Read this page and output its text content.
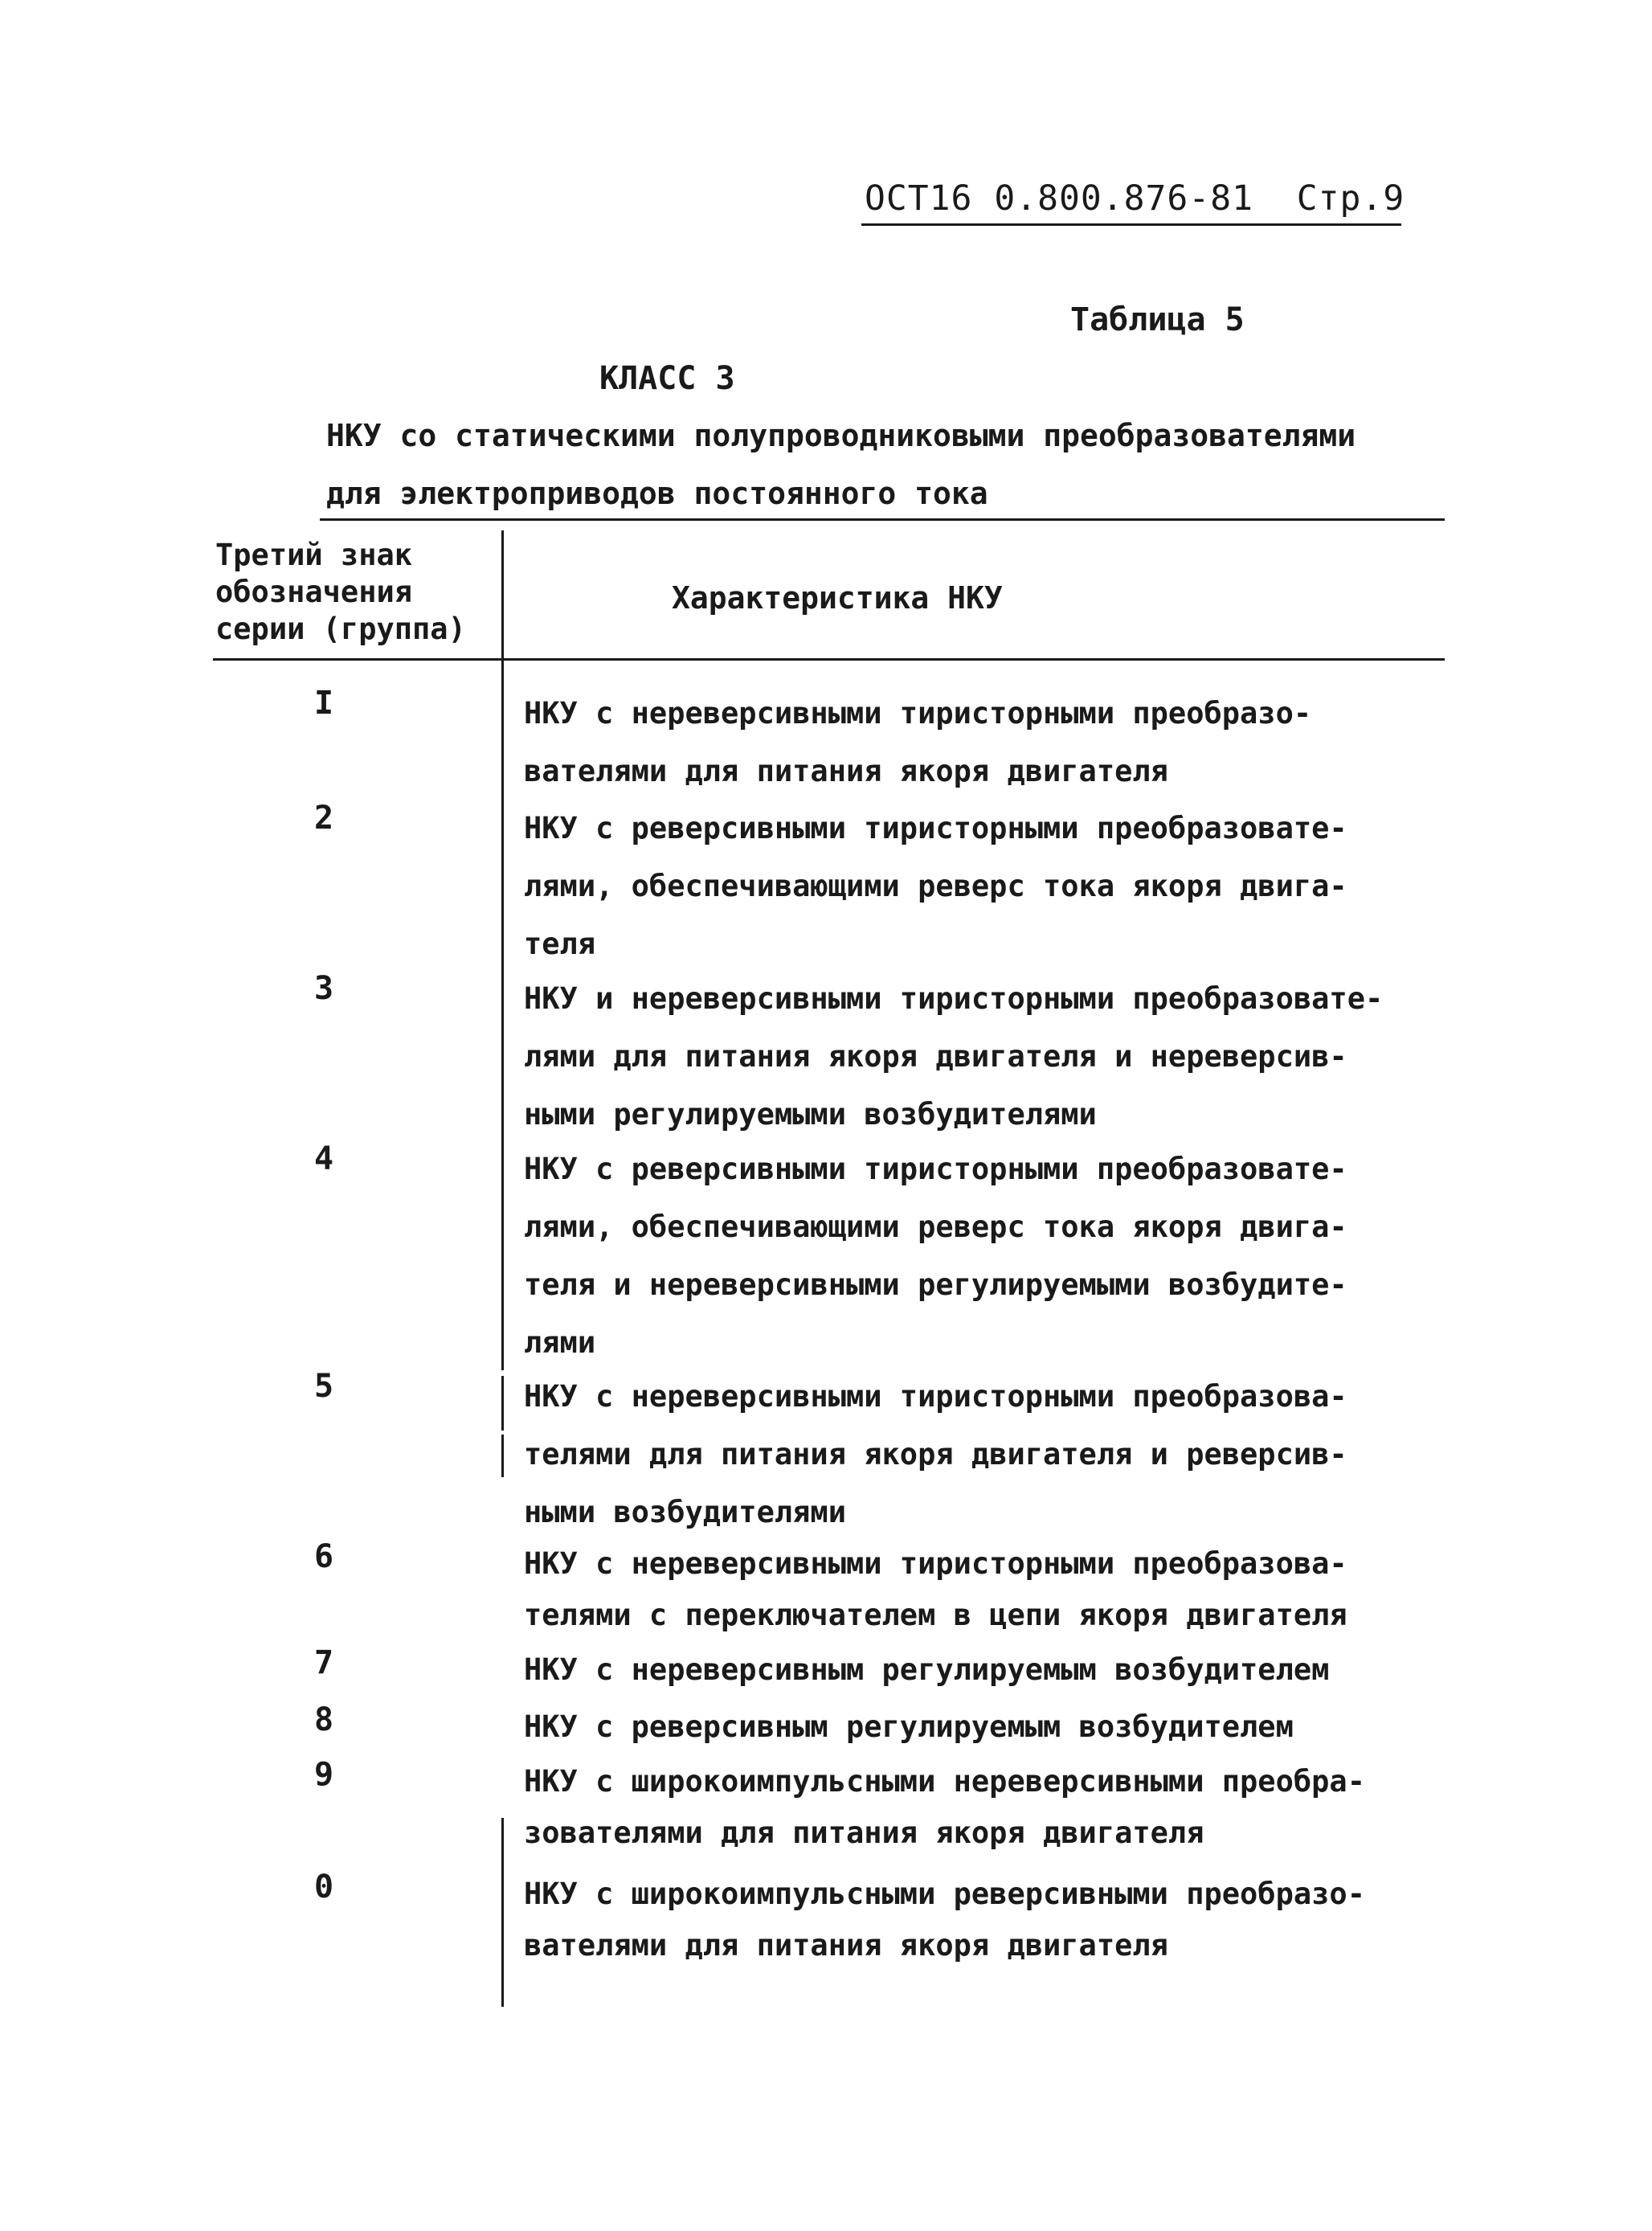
ОСТ16 0.800.876-81 Стр.9
Таблица 5
КЛАСС 3
НКУ со статическими полупроводниковыми преобразователями
для электроприводов постоянного тока
Третий знак
обозначения
серии (группа)
Характеристика НКУ
I	НКУ с нереверсивными тиристорными преобразо-
вателями для питания якоря двигателя
2	НКУ с реверсивными тиристорными преобразовате-
лями, обеспечивающими реверс тока якоря двига-
теля
3	НКУ и нереверсивными тиристорными преобразовате-
лями для питания якоря двигателя и нереверсив-
ными регулируемыми возбудителями
4	НКУ с реверсивными тиристорными преобразовате-
лями, обеспечивающими реверс тока якоря двига-
теля и нереверсивными регулируемыми возбудите-
лями
5	НКУ с нереверсивными тиристорными преобразова-
телями для питания якоря двигателя и реверсив-
ными возбудителями
6	НКУ с нереверсивными тиристорными преобразова-
телями с переключателем в цепи якоря двигателя
7	НКУ с нереверсивным регулируемым возбудителем
8	НКУ с реверсивным регулируемым возбудителем
9	НКУ с широкоимпульсными нереверсивными преобра-
зователями для питания якоря двигателя
0	НКУ с широкоимпульсными реверсивными преобразо-
вателями для питания якоря двигателя
